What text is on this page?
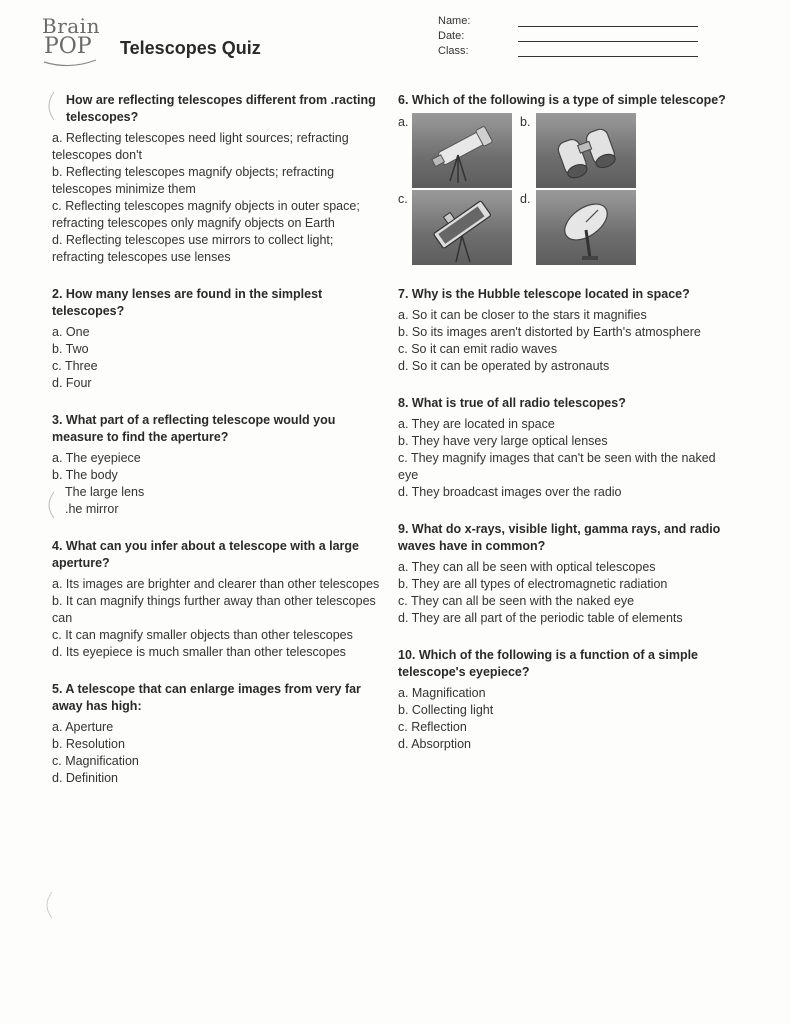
Brain
POP	Telescopes Quiz
Name:
Date:
Class:
How are reflecting telescopes different from .racting telescopes?
a. Reflecting telescopes need light sources; refracting telescopes don't
b. Reflecting telescopes magnify objects; refracting telescopes minimize them
c. Reflecting telescopes magnify objects in outer space; refracting telescopes only magnify objects on Earth
d. Reflecting telescopes use mirrors to collect light; refracting telescopes use lenses
2. How many lenses are found in the simplest telescopes?
a. One
b. Two
c. Three
d. Four
3. What part of a reflecting telescope would you measure to find the aperture?
a. The eyepiece
b. The body
The large lens
.he mirror
4. What can you infer about a telescope with a large aperture?
a. Its images are brighter and clearer than other telescopes
b. It can magnify things further away than other telescopes can
c. It can magnify smaller objects than other telescopes
d. Its eyepiece is much smaller than other telescopes
5. A telescope that can enlarge images from very far away has high:
a. Aperture
b. Resolution
c. Magnification
d. Definition
6. Which of the following is a type of simple telescope?
a.	b.
c.	d.
7. Why is the Hubble telescope located in space?
a. So it can be closer to the stars it magnifies
b. So its images aren't distorted by Earth's atmosphere
c. So it can emit radio waves
d. So it can be operated by astronauts
8. What is true of all radio telescopes?
a. They are located in space
b. They have very large optical lenses
c. They magnify images that can't be seen with the naked eye
d. They broadcast images over the radio
9. What do x-rays, visible light, gamma rays, and radio waves have in common?
a. They can all be seen with optical telescopes
b. They are all types of electromagnetic radiation
c. They can all be seen with the naked eye
d. They are all part of the periodic table of elements
10. Which of the following is a function of a simple telescope's eyepiece?
a. Magnification
b. Collecting light
c. Reflection
d. Absorption
